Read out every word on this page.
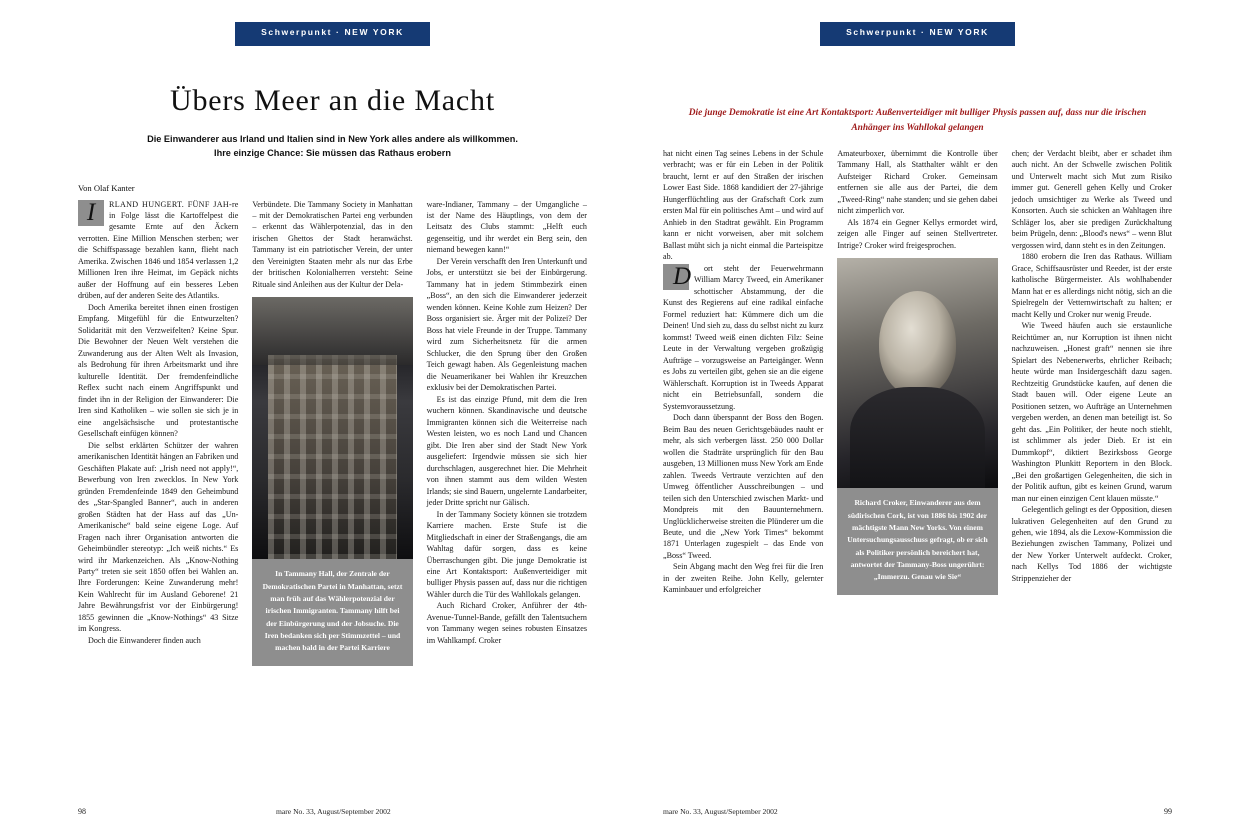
Schwerpunkt · NEW YORK
Übers Meer an die Macht
Die Einwanderer aus Irland und Italien sind in New York alles andere als willkommen.
Ihre einzige Chance: Sie müssen das Rathaus erobern
Von Olaf Kanter

I	RLAND HUNGERT. FÜNF JAH-re in Folge lässt die Kartoffelpest die gesamte Ernte auf den Äckern verrotten. Eine Million Menschen sterben; wer die Schiffspassage bezahlen kann, flieht nach Amerika. Zwischen 1846 und 1854 verlassen 1,2 Millionen Iren ihre Heimat, im Gepäck nichts außer der Hoffnung auf ein besseres Leben drüben, auf der anderen Seite des Atlantiks.

Doch Amerika bereitet ihnen einen frostigen Empfang. Mitgefühl für die Entwurzelten? Solidarität mit den Verzweifelten? Keine Spur. Die Bewohner der Neuen Welt verstehen die Zuwanderung aus der Alten Welt als Invasion, als Bedrohung für ihren Arbeitsmarkt und ihre kulturelle Identität. Der fremdenfeindliche Reflex sucht nach einem Angriffspunkt und findet ihn in der Religion der Einwanderer: Die Iren sind Katholiken – wie sollen sie sich je in eine angelsächsische und protestantische Gesellschaft einfügen können?

Die selbst erklärten Schützer der wahren amerikanischen Identität hängen an Fabriken und Geschäften Plakate auf: „Irish need not apply!“, Bewerbung von Iren zwecklos. In New York gründen Fremdenfeinde 1849 den Geheimbund des „Star-Spangled Banner“, auch in anderen großen Städten hat der Hass auf das „Un-Amerikanische“ bald seine eigene Loge. Auf Fragen nach ihrer Organisation antworten die Geheimbündler stereotyp: „Ich weiß nichts.“ Es wird ihr Markenzeichen. Als „Know-Nothing Party“ treten sie seit 1850 offen bei Wahlen an. Ihre Forderungen: Keine Zuwanderung mehr! Kein Wahlrecht für im Ausland Geborene! 21 Jahre Bewährungsfrist vor der Einbürgerung! 1855 gewinnen die „Know-Nothings“ 43 Sitze im Kongress.

Doch die Einwanderer finden auch

Verbündete. Die Tammany Society in Manhattan – mit der Demokratischen Partei eng verbunden – erkennt das Wählerpotenzial, das in den irischen Ghettos der Stadt heranwächst. Tammany ist ein patriotischer Verein, der unter den Vereinigten Staaten mehr als nur das Erbe der britischen Kolonialherren versteht: Seine Rituale sind Anleihen aus der Kultur der Dela-

In Tammany Hall, der Zentrale der Demokratischen Partei in Manhattan, setzt man früh auf das Wählerpotenzial der irischen Immigranten. Tammany hilft bei der Einbürgerung und der Jobsuche. Die Iren bedanken sich per Stimmzettel – und machen bald in der Partei Karriere

ware-Indianer, Tammany – der Umgangliche – ist der Name des Häuptlings, von dem der Leitsatz des Clubs stammt: „Helft euch gegenseitig, und ihr werdet ein Berg sein, den niemand bewegen kann!“

Der Verein verschafft den Iren Unterkunft und Jobs, er unterstützt sie bei der Einbürgerung. Tammany hat in jedem Stimmbezirk einen „Boss“, an den sich die Einwanderer jederzeit wenden können. Keine Kohle zum Heizen? Der Boss organisiert sie. Ärger mit der Polizei? Der Boss hat viele Freunde in der Truppe. Tammany wird zum Sicherheitsnetz für die armen Schlucker, die den Sprung über den Großen Teich gewagt haben. Als Gegenleistung machen die Neuamerikaner bei Wahlen ihr Kreuzchen exklusiv bei der Demokratischen Partei.

Es ist das einzige Pfund, mit dem die Iren wuchern können. Skandinavische und deutsche Immigranten können sich die Weiterreise nach Westen leisten, wo es noch Land und Chancen gibt. Die Iren aber sind der Stadt New York ausgeliefert: Irgendwie müssen sie sich hier durchschlagen, ausgerechnet hier. Die Mehrheit von ihnen stammt aus dem wilden Westen Irlands; sie sind Bauern, ungelernte Landarbeiter, jeder Dritte spricht nur Gälisch.

In der Tammany Society können sie trotzdem Karriere machen. Erste Stufe ist die Mitgliedschaft in einer der Straßengangs, die am Wahltag dafür sorgen, dass es keine Überraschungen gibt. Die junge Demokratie ist eine Art Kontaktsport: Außenverteidiger mit bulliger Physis passen auf, dass nur die richtigen Wähler durch die Tür des Wahllokals gelangen.

Auch Richard Croker, Anführer der 4th-Avenue-Tunnel-Bande, gefällt den Talentsuchern von Tammany wegen seines robusten Einsatzes im Wahlkampf. Croker

98	mare No. 33, August/September 2002
Schwerpunkt · NEW YORK
Die junge Demokratie ist eine Art Kontaktsport: Außenverteidiger mit bulliger Physis passen auf, dass nur die irischen Anhänger ins Wahllokal gelangen

hat nicht einen Tag seines Lebens in der Schule verbracht; was er für ein Leben in der Politik braucht, lernt er auf den Straßen der irischen Lower East Side. 1868 kandidiert der 27-jährige Hungerflüchtling aus der Grafschaft Cork zum ersten Mal für ein politisches Amt – und wird auf Anhieb in den Stadtrat gewählt. Ein Programm kann er nicht vorweisen, aber mit solchem Ballast müht sich ja nicht einmal die Parteispitze ab.

D ort steht der Feuerwehrmann William Marcy Tweed, ein Amerikaner schottischer Abstammung, der die Kunst des Regierens auf eine radikal einfache Formel reduziert hat: Kümmere dich um die Deinen! Und sieh zu, dass du selbst nicht zu kurz kommst! Tweed weiß einen dichten Filz: Seine Leute in der Verwaltung vergeben großzügig Aufträge – vorzugsweise an Parteigänger. Wenn es Jobs zu verteilen gibt, gehen sie an die eigene Wählerschaft. Korruption ist in Tweeds Apparat nicht ein Betriebsunfall, sondern die Systemvoraussetzung.

Doch dann überspannt der Boss den Bogen. Beim Bau des neuen Gerichtsgebäudes nauht er mehr, als sich verbergen lässt. 250 000 Dollar wollen die Stadträte ursprünglich für den Bau ausgeben, 13 Millionen muss New York am Ende zahlen. Tweeds Vertraute verzichten auf den Umweg öffentlicher Ausschreibungen – und teilen sich den Unterschied zwischen Markt- und Mondpreis mit den Bauunternehmern. Unglücklicherweise streiten die Plünderer um die Beute, und die „New York Times“ bekommt 1871 Unterlagen zugespielt – das Ende von „Boss“ Tweed.

Sein Abgang macht den Weg frei für die Iren in der zweiten Reihe. John Kelly, gelernter Kaminbauer und erfolgreicher

Amateurboxer, übernimmt die Kontrolle über Tammany Hall, als Statthalter wählt er den Aufsteiger Richard Croker. Gemeinsam entfernen sie alle aus der Partei, die dem „Tweed-Ring“ nahe standen; und sie gehen dabei nicht zimperlich vor.

Als 1874 ein Gegner Kellys ermordet wird, zeigen alle Finger auf seinen Stellvertreter. Intrige? Croker wird freigesprochen.

Richard Croker, Einwanderer aus dem südirischen Cork, ist von 1886 bis 1902 der mächtigste Mann New Yorks. Von einem Untersuchungsausschuss gefragt, ob er sich als Politiker persönlich bereichert hat, antwortet der Tammany-Boss ungerührt: „Immerzu. Genau wie Sie“

chen; der Verdacht bleibt, aber er schadet ihm auch nicht. An der Schwelle zwischen Politik und Unterwelt macht sich Mut zum Risiko immer gut. Generell gehen Kelly und Croker jedoch umsichtiger zu Werke als Tweed und Konsorten. Auch sie schicken an Wahltagen ihre Schläger los, aber sie predigen Zurückhaltung beim Prügeln, denn: „Blood's news“ – wenn Blut vergossen wird, dann steht es in den Zeitungen.

1880 erobern die Iren das Rathaus. William Grace, Schiffsausrüster und Reeder, ist der erste katholische Bürgermeister. Als wohlhabender Mann hat er es allerdings nicht nötig, sich an die Spielregeln der Vetternwirtschaft zu halten; er macht Kelly und Croker nur wenig Freude.

Wie Tweed häufen auch sie erstaunliche Reichtümer an, nur Korruption ist ihnen nicht nachzuweisen. „Honest graft“ nennen sie ihre Spielart des Nebenerwerbs, ehrlicher Reibach; heute würde man Insidergeschäft dazu sagen. Rechtzeitig Grundstücke kaufen, auf denen die Stadt bauen will. Oder eigene Leute an Positionen setzen, wo Aufträge an Unternehmen vergeben werden, an denen man beteiligt ist. So geht das. „Ein Politiker, der heute noch stiehlt, ist schlimmer als jeder Dieb. Er ist ein Dummkopf“, diktiert Bezirksboss George Washington Plunkitt Reportern in den Block. „Bei den großartigen Gelegenheiten, die sich in der Politik auftun, gibt es keinen Grund, warum man nur einen einzigen Cent klauen müsste.“

Gelegentlich gelingt es der Opposition, diesen lukrativen Gelegenheiten auf den Grund zu gehen, wie 1894, als die Lexow-Kommission die Beziehungen zwischen Tammany, Polizei und der New Yorker Unterwelt aufdeckt. Croker, nach Kellys Tod 1886 der wichtigste Strippenzieher der

mare No. 33, August/September 2002	99
